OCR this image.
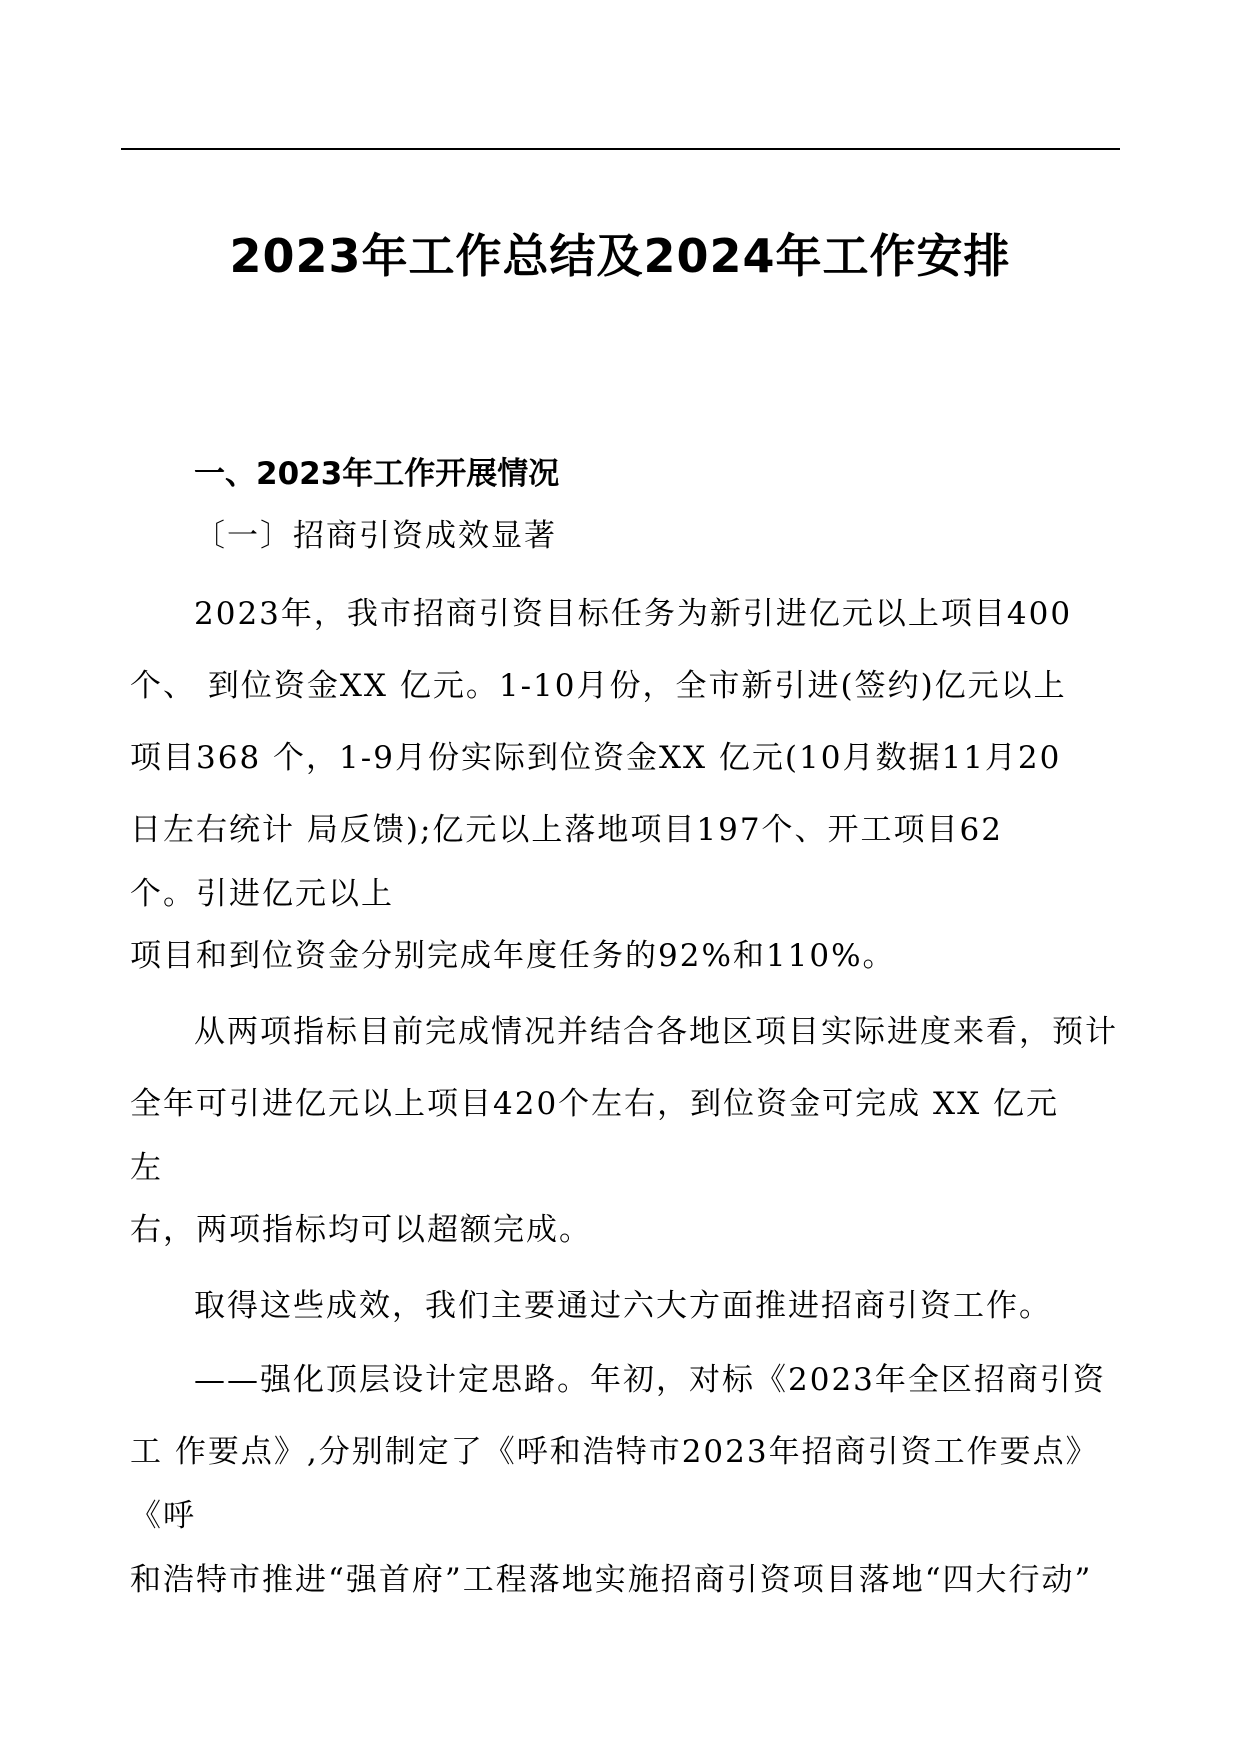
2023年工作总结及2024年工作安排
一、2023年工作开展情况
〔一〕招商引资成效显著
2023年，我市招商引资目标任务为新引进亿元以上项目400
个、 到位资金XX 亿元。1-10月份，全市新引进(签约)亿元以上
项目368 个，1-9月份实际到位资金XX 亿元(10月数据11月20
日左右统计 局反馈);亿元以上落地项目197个、开工项目62
个。引进亿元以上
项目和到位资金分别完成年度任务的92%和110%。
从两项指标目前完成情况并结合各地区项目实际进度来看，预计
全年可引进亿元以上项目420个左右，到位资金可完成 XX 亿元
左
右，两项指标均可以超额完成。
取得这些成效，我们主要通过六大方面推进招商引资工作。
——强化顶层设计定思路。年初，对标《2023年全区招商引资
工 作要点》,分别制定了《呼和浩特市2023年招商引资工作要点》
《呼
和浩特市推进“强首府”工程落地实施招商引资项目落地“四大行动”
